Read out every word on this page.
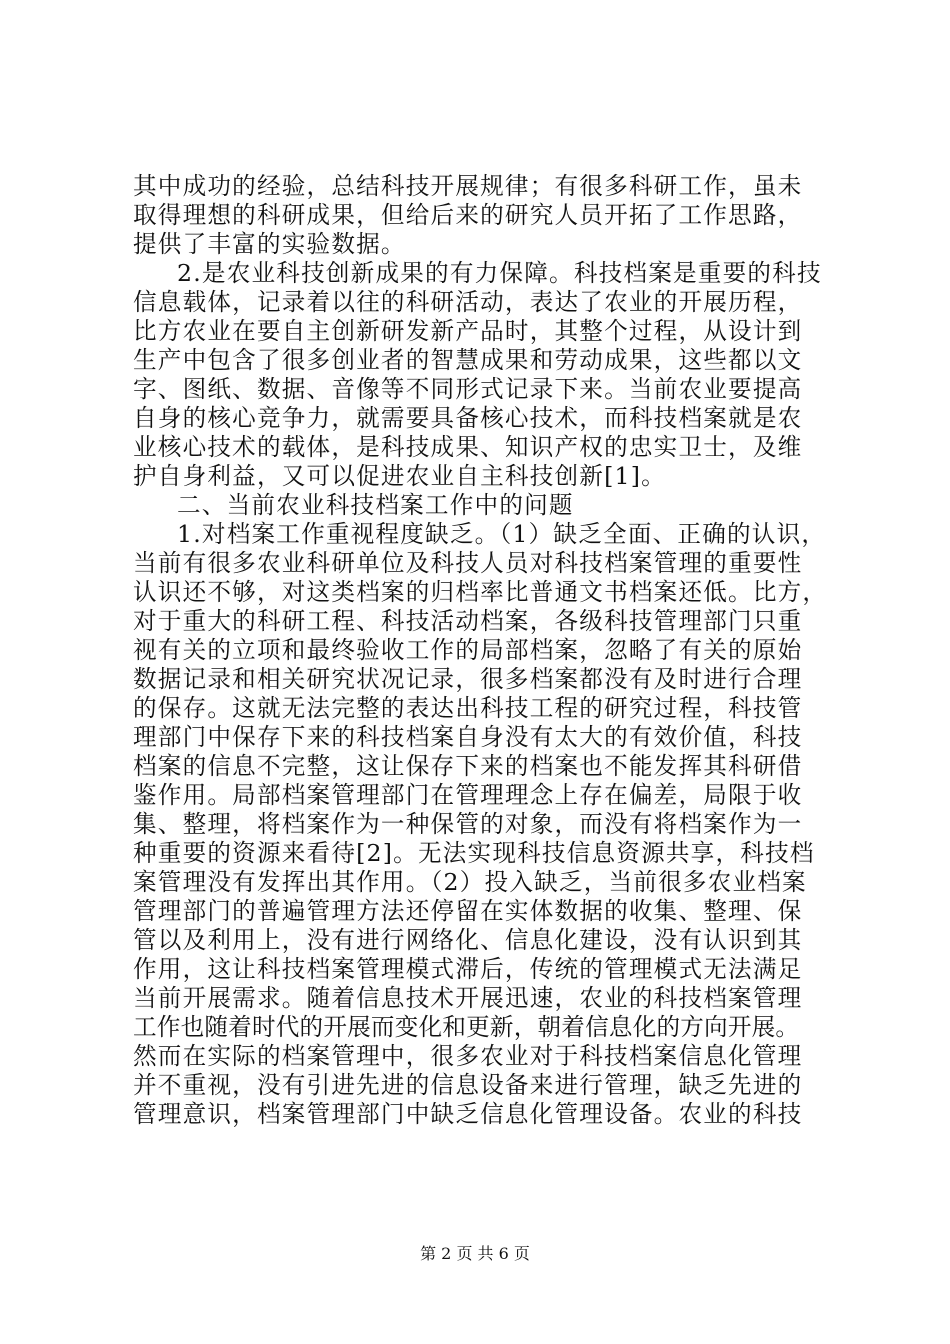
其中成功的经验，总结科技开展规律；有很多科研工作，虽未
取得理想的科研成果，但给后来的研究人员开拓了工作思路，
提供了丰富的实验数据。
2.是农业科技创新成果的有力保障。科技档案是重要的科技
信息载体，记录着以往的科研活动，表达了农业的开展历程，
比方农业在要自主创新研发新产品时，其整个过程，从设计到
生产中包含了很多创业者的智慧成果和劳动成果，这些都以文
字、图纸、数据、音像等不同形式记录下来。当前农业要提高
自身的核心竞争力，就需要具备核心技术，而科技档案就是农
业核心技术的载体，是科技成果、知识产权的忠实卫士，及维
护自身利益，又可以促进农业自主科技创新[1]。
二、当前农业科技档案工作中的问题
1.对档案工作重视程度缺乏。（1）缺乏全面、正确的认识，
当前有很多农业科研单位及科技人员对科技档案管理的重要性
认识还不够，对这类档案的归档率比普通文书档案还低。比方，
对于重大的科研工程、科技活动档案，各级科技管理部门只重
视有关的立项和最终验收工作的局部档案，忽略了有关的原始
数据记录和相关研究状况记录，很多档案都没有及时进行合理
的保存。这就无法完整的表达出科技工程的研究过程，科技管
理部门中保存下来的科技档案自身没有太大的有效价值，科技
档案的信息不完整，这让保存下来的档案也不能发挥其科研借
鉴作用。局部档案管理部门在管理理念上存在偏差，局限于收
集、整理，将档案作为一种保管的对象，而没有将档案作为一
种重要的资源来看待[2]。无法实现科技信息资源共享，科技档
案管理没有发挥出其作用。（2）投入缺乏，当前很多农业档案
管理部门的普遍管理方法还停留在实体数据的收集、整理、保
管以及利用上，没有进行网络化、信息化建设，没有认识到其
作用，这让科技档案管理模式滞后，传统的管理模式无法满足
当前开展需求。随着信息技术开展迅速，农业的科技档案管理
工作也随着时代的开展而变化和更新，朝着信息化的方向开展。
然而在实际的档案管理中，很多农业对于科技档案信息化管理
并不重视，没有引进先进的信息设备来进行管理，缺乏先进的
管理意识，档案管理部门中缺乏信息化管理设备。农业的科技
第 2 页 共 6 页
